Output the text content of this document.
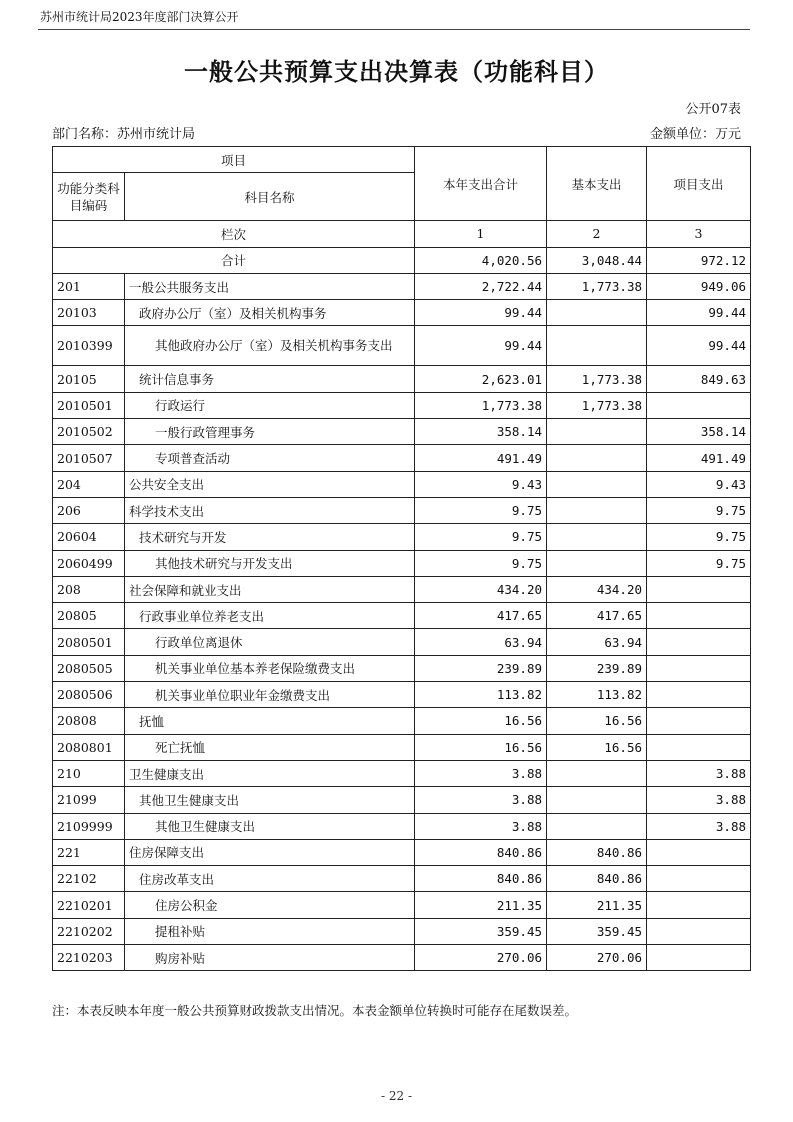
苏州市统计局2023年度部门决算公开
一般公共预算支出决算表（功能科目）
公开07表
部门名称：苏州市统计局	金额单位：万元
项目		本年支出合计	基本支出	项目支出
功能分类科目编码	科目名称			
栏次		1	2	3
合计		4,020.56	3,048.44	972.12
201	一般公共服务支出	2,722.44	1,773.38	949.06
20103	政府办公厅（室）及相关机构事务	99.44		99.44
2010399	其他政府办公厅（室）及相关机构事务支出	99.44		99.44
20105	统计信息事务	2,623.01	1,773.38	849.63
2010501	行政运行	1,773.38	1,773.38	
2010502	一般行政管理事务	358.14		358.14
2010507	专项普查活动	491.49		491.49
204	公共安全支出	9.43		9.43
206	科学技术支出	9.75		9.75
20604	技术研究与开发	9.75		9.75
2060499	其他技术研究与开发支出	9.75		9.75
208	社会保障和就业支出	434.20	434.20	
20805	行政事业单位养老支出	417.65	417.65	
2080501	行政单位离退休	63.94	63.94	
2080505	机关事业单位基本养老保险缴费支出	239.89	239.89	
2080506	机关事业单位职业年金缴费支出	113.82	113.82	
20808	抚恤	16.56	16.56	
2080801	死亡抚恤	16.56	16.56	
210	卫生健康支出	3.88		3.88
21099	其他卫生健康支出	3.88		3.88
2109999	其他卫生健康支出	3.88		3.88
221	住房保障支出	840.86	840.86	
22102	住房改革支出	840.86	840.86	
2210201	住房公积金	211.35	211.35	
2210202	提租补贴	359.45	359.45	
2210203	购房补贴	270.06	270.06	
注：本表反映本年度一般公共预算财政拨款支出情况。本表金额单位转换时可能存在尾数误差。
- 22 -
